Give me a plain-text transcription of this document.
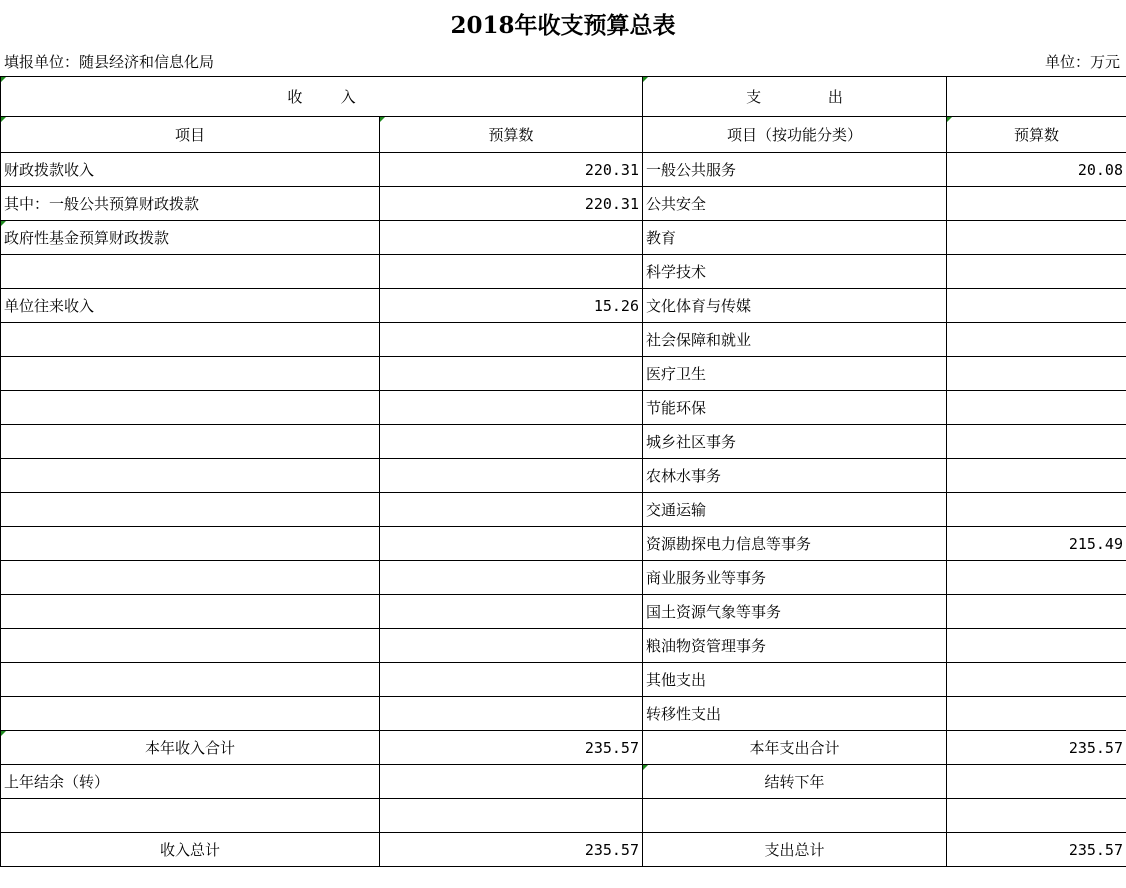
2018年收支预算总表
填报单位：随县经济和信息化局	单位：万元
收        入		支              出	

项目	预算数	项目（按功能分类）	预算数
财政拨款收入	220.31	一般公共服务	20.08
其中：一般公共预算财政拨款	220.31	公共安全	

政府性基金预算财政拨款		教育	
		科学技术	
单位往来收入	15.26	文化体育与传媒	
		社会保障和就业	
		医疗卫生	
		节能环保	
		城乡社区事务	
		农林水事务	
		交通运输	
		资源勘探电力信息等事务	215.49
		商业服务业等事务	
		国土资源气象等事务	
		粮油物资管理事务	
		其他支出	
		转移性支出	

本年收入合计	235.57	本年支出合计	235.57
上年结余（转）		结转下年	

收入总计	235.57	支出总计	235.57
